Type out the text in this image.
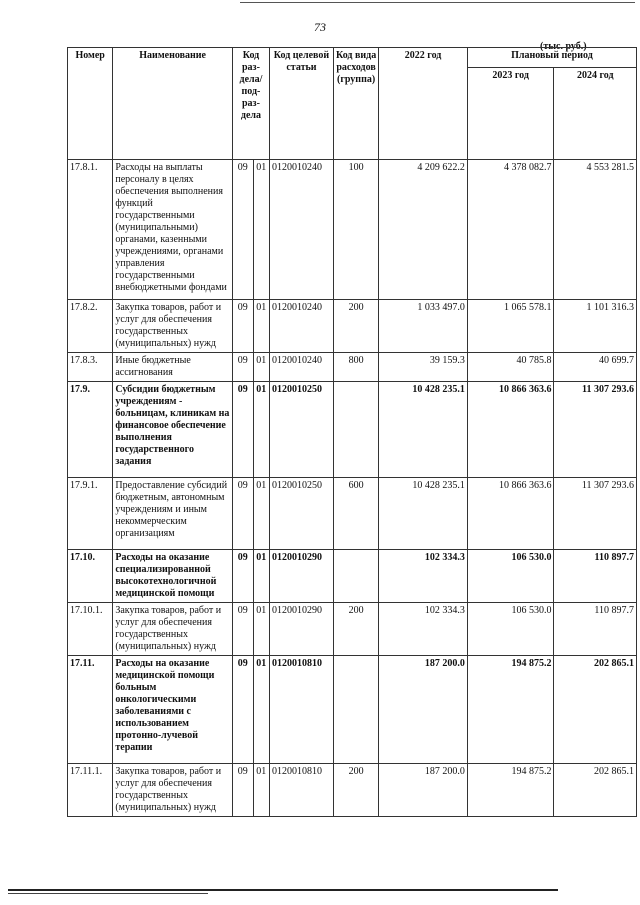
73
(тыс. руб.)
Номер	Наименование	Код раз- дела/ под- раз- дела		Код целевой статьи	Код вида расходов (группа)	2022 год	Плановый период	
							2023 год	2024 год
17.8.1.	Расходы на выплаты персоналу в целях обеспечения выполнения функций государственными (муниципальными) органами, казенными учреждениями, органами управления государственными внебюджетными фондами	09	01	0120010240	100	4 209 622.2	4 378 082.7	4 553 281.5
17.8.2.	Закупка товаров, работ и услуг для обеспечения государственных (муниципальных) нужд	09	01	0120010240	200	1 033 497.0	1 065 578.1	1 101 316.3
17.8.3.	Иные бюджетные ассигнования	09	01	0120010240	800	39 159.3	40 785.8	40 699.7
17.9.	Субсидии бюджетным учреждениям - больницам, клиникам на финансовое обеспечение выполнения государственного задания	09	01	0120010250		10 428 235.1	10 866 363.6	11 307 293.6
17.9.1.	Предоставление субсидий бюджетным, автономным учреждениям и иным некоммерческим организациям	09	01	0120010250	600	10 428 235.1	10 866 363.6	11 307 293.6
17.10.	Расходы на оказание специализированной высокотехнологичной медицинской помощи	09	01	0120010290		102 334.3	106 530.0	110 897.7
17.10.1.	Закупка товаров, работ и услуг для обеспечения государственных (муниципальных) нужд	09	01	0120010290	200	102 334.3	106 530.0	110 897.7
17.11.	Расходы на оказание медицинской помощи больным онкологическими заболеваниями с использованием протонно-лучевой терапии	09	01	0120010810		187 200.0	194 875.2	202 865.1
17.11.1.	Закупка товаров, работ и услуг для обеспечения государственных (муниципальных) нужд	09	01	0120010810	200	187 200.0	194 875.2	202 865.1
